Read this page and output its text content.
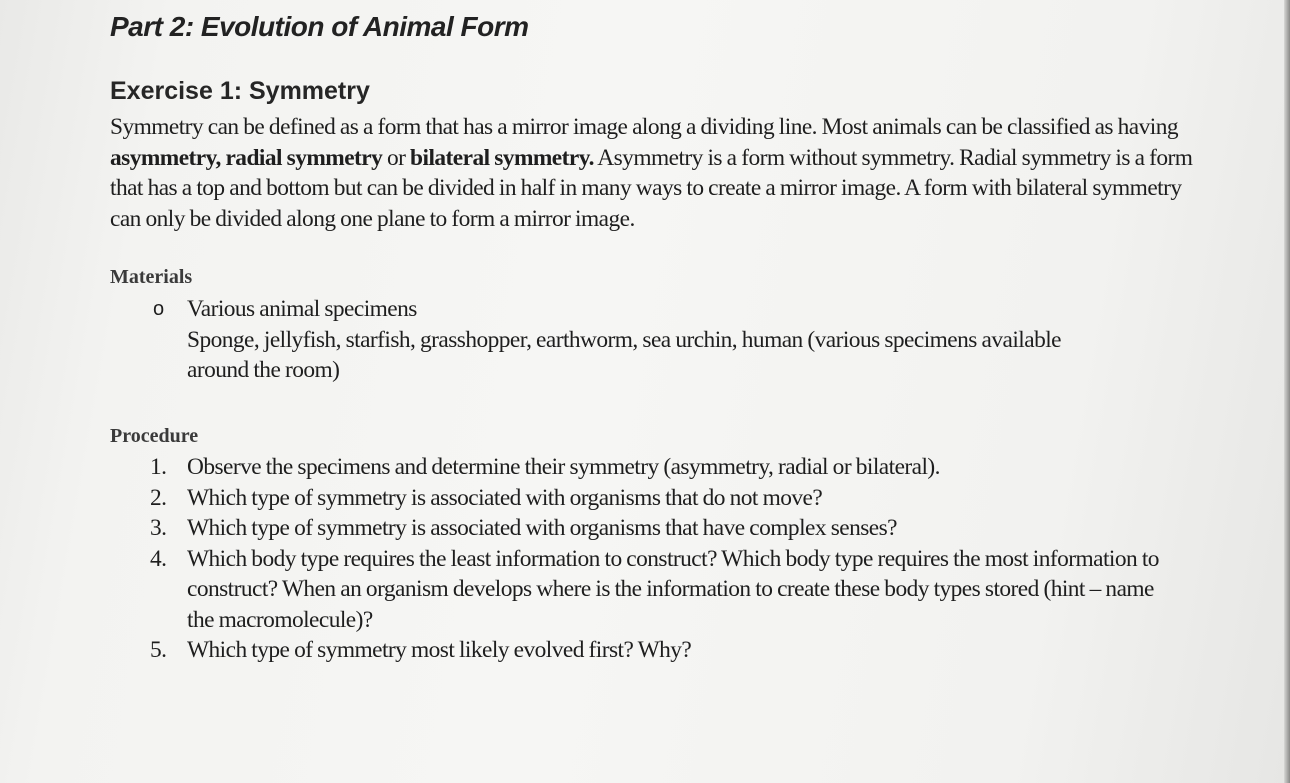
Part 2: Evolution of Animal Form
Exercise 1: Symmetry

Symmetry can be defined as a form that has a mirror image along a dividing line. Most animals can be classified as having asymmetry, radial symmetry or bilateral symmetry. Asymmetry is a form without symmetry. Radial symmetry is a form that has a top and bottom but can be divided in half in many ways to create a mirror image. A form with bilateral symmetry can only be divided along one plane to form a mirror image.

Materials
o Various animal specimens
Sponge, jellyfish, starfish, grasshopper, earthworm, sea urchin, human (various specimens available around the room)
Procedure
1. Observe the specimens and determine their symmetry (asymmetry, radial or bilateral).
2. Which type of symmetry is associated with organisms that do not move?
3. Which type of symmetry is associated with organisms that have complex senses?
4. Which body type requires the least information to construct? Which body type requires the most information to construct? When an organism develops where is the information to create these body types stored (hint – name the macromolecule)?
5. Which type of symmetry most likely evolved first? Why?
